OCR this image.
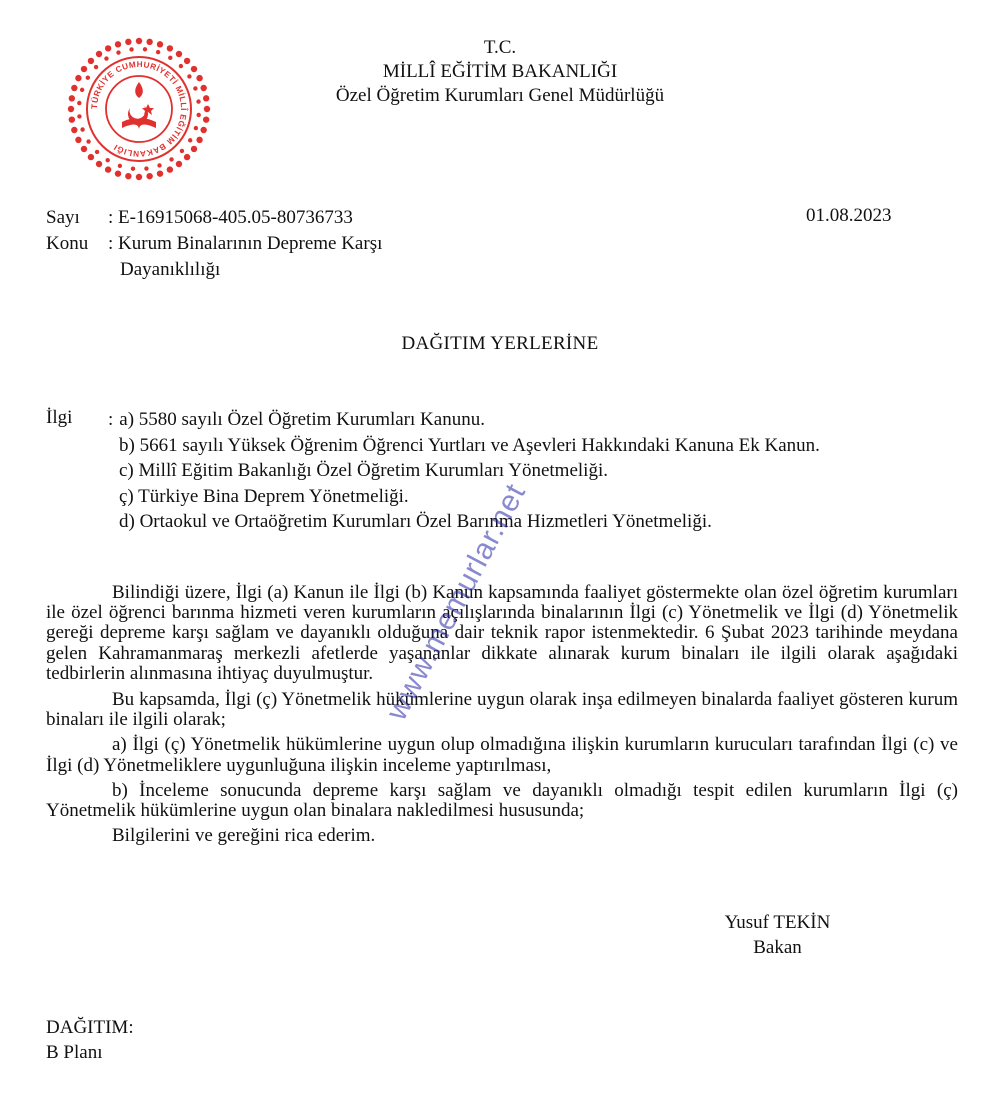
TÜRKİYE CUMHURİYETİ MİLLÎ EĞİTİM BAKANLIĞI
T.C.
MİLLÎ EĞİTİM BAKANLIĞI
Özel Öğretim Kurumları Genel Müdürlüğü
Sayı : E-16915068-405.05-80736733
Konu : Kurum Binalarının Depreme Karşı
Dayanıklılığı
01.08.2023
DAĞITIM YERLERİNE
İlgi
:	a) 5580 sayılı Özel Öğretim Kurumları Kanunu.
b) 5661 sayılı Yüksek Öğrenim Öğrenci Yurtları ve Aşevleri Hakkındaki Kanuna Ek Kanun.
c) Millî Eğitim Bakanlığı Özel Öğretim Kurumları Yönetmeliği.
ç) Türkiye Bina Deprem Yönetmeliği.
d) Ortaokul ve Ortaöğretim Kurumları Özel Barınma Hizmetleri Yönetmeliği.

Bilindiği üzere, İlgi (a) Kanun ile İlgi (b) Kanun kapsamında faaliyet göstermekte olan özel öğretim kurumları ile özel öğrenci barınma hizmeti veren kurumların açılışlarında binalarının İlgi (c) Yönetmelik ve İlgi (d) Yönetmelik gereği depreme karşı sağlam ve dayanıklı olduğuna dair teknik rapor istenmektedir. 6 Şubat 2023 tarihinde meydana gelen Kahramanmaraş merkezli afetlerde yaşananlar dikkate alınarak kurum binaları ile ilgili olarak aşağıdaki tedbirlerin alınmasına ihtiyaç duyulmuştur.

Bu kapsamda, İlgi (ç) Yönetmelik hükümlerine uygun olarak inşa edilmeyen binalarda faaliyet gösteren kurum binaları ile ilgili olarak;

a) İlgi (ç) Yönetmelik hükümlerine uygun olup olmadığına ilişkin kurumların kurucuları tarafından İlgi (c) ve İlgi (d) Yönetmeliklere uygunluğuna ilişkin inceleme yaptırılması,

b) İnceleme sonucunda depreme karşı sağlam ve dayanıklı olmadığı tespit edilen kurumların İlgi (ç) Yönetmelik hükümlerine uygun olan binalara nakledilmesi hususunda;

Bilgilerini ve gereğini rica ederim.

www.memurlar.net
Yusuf TEKİN
Bakan
DAĞITIM:
B Planı
